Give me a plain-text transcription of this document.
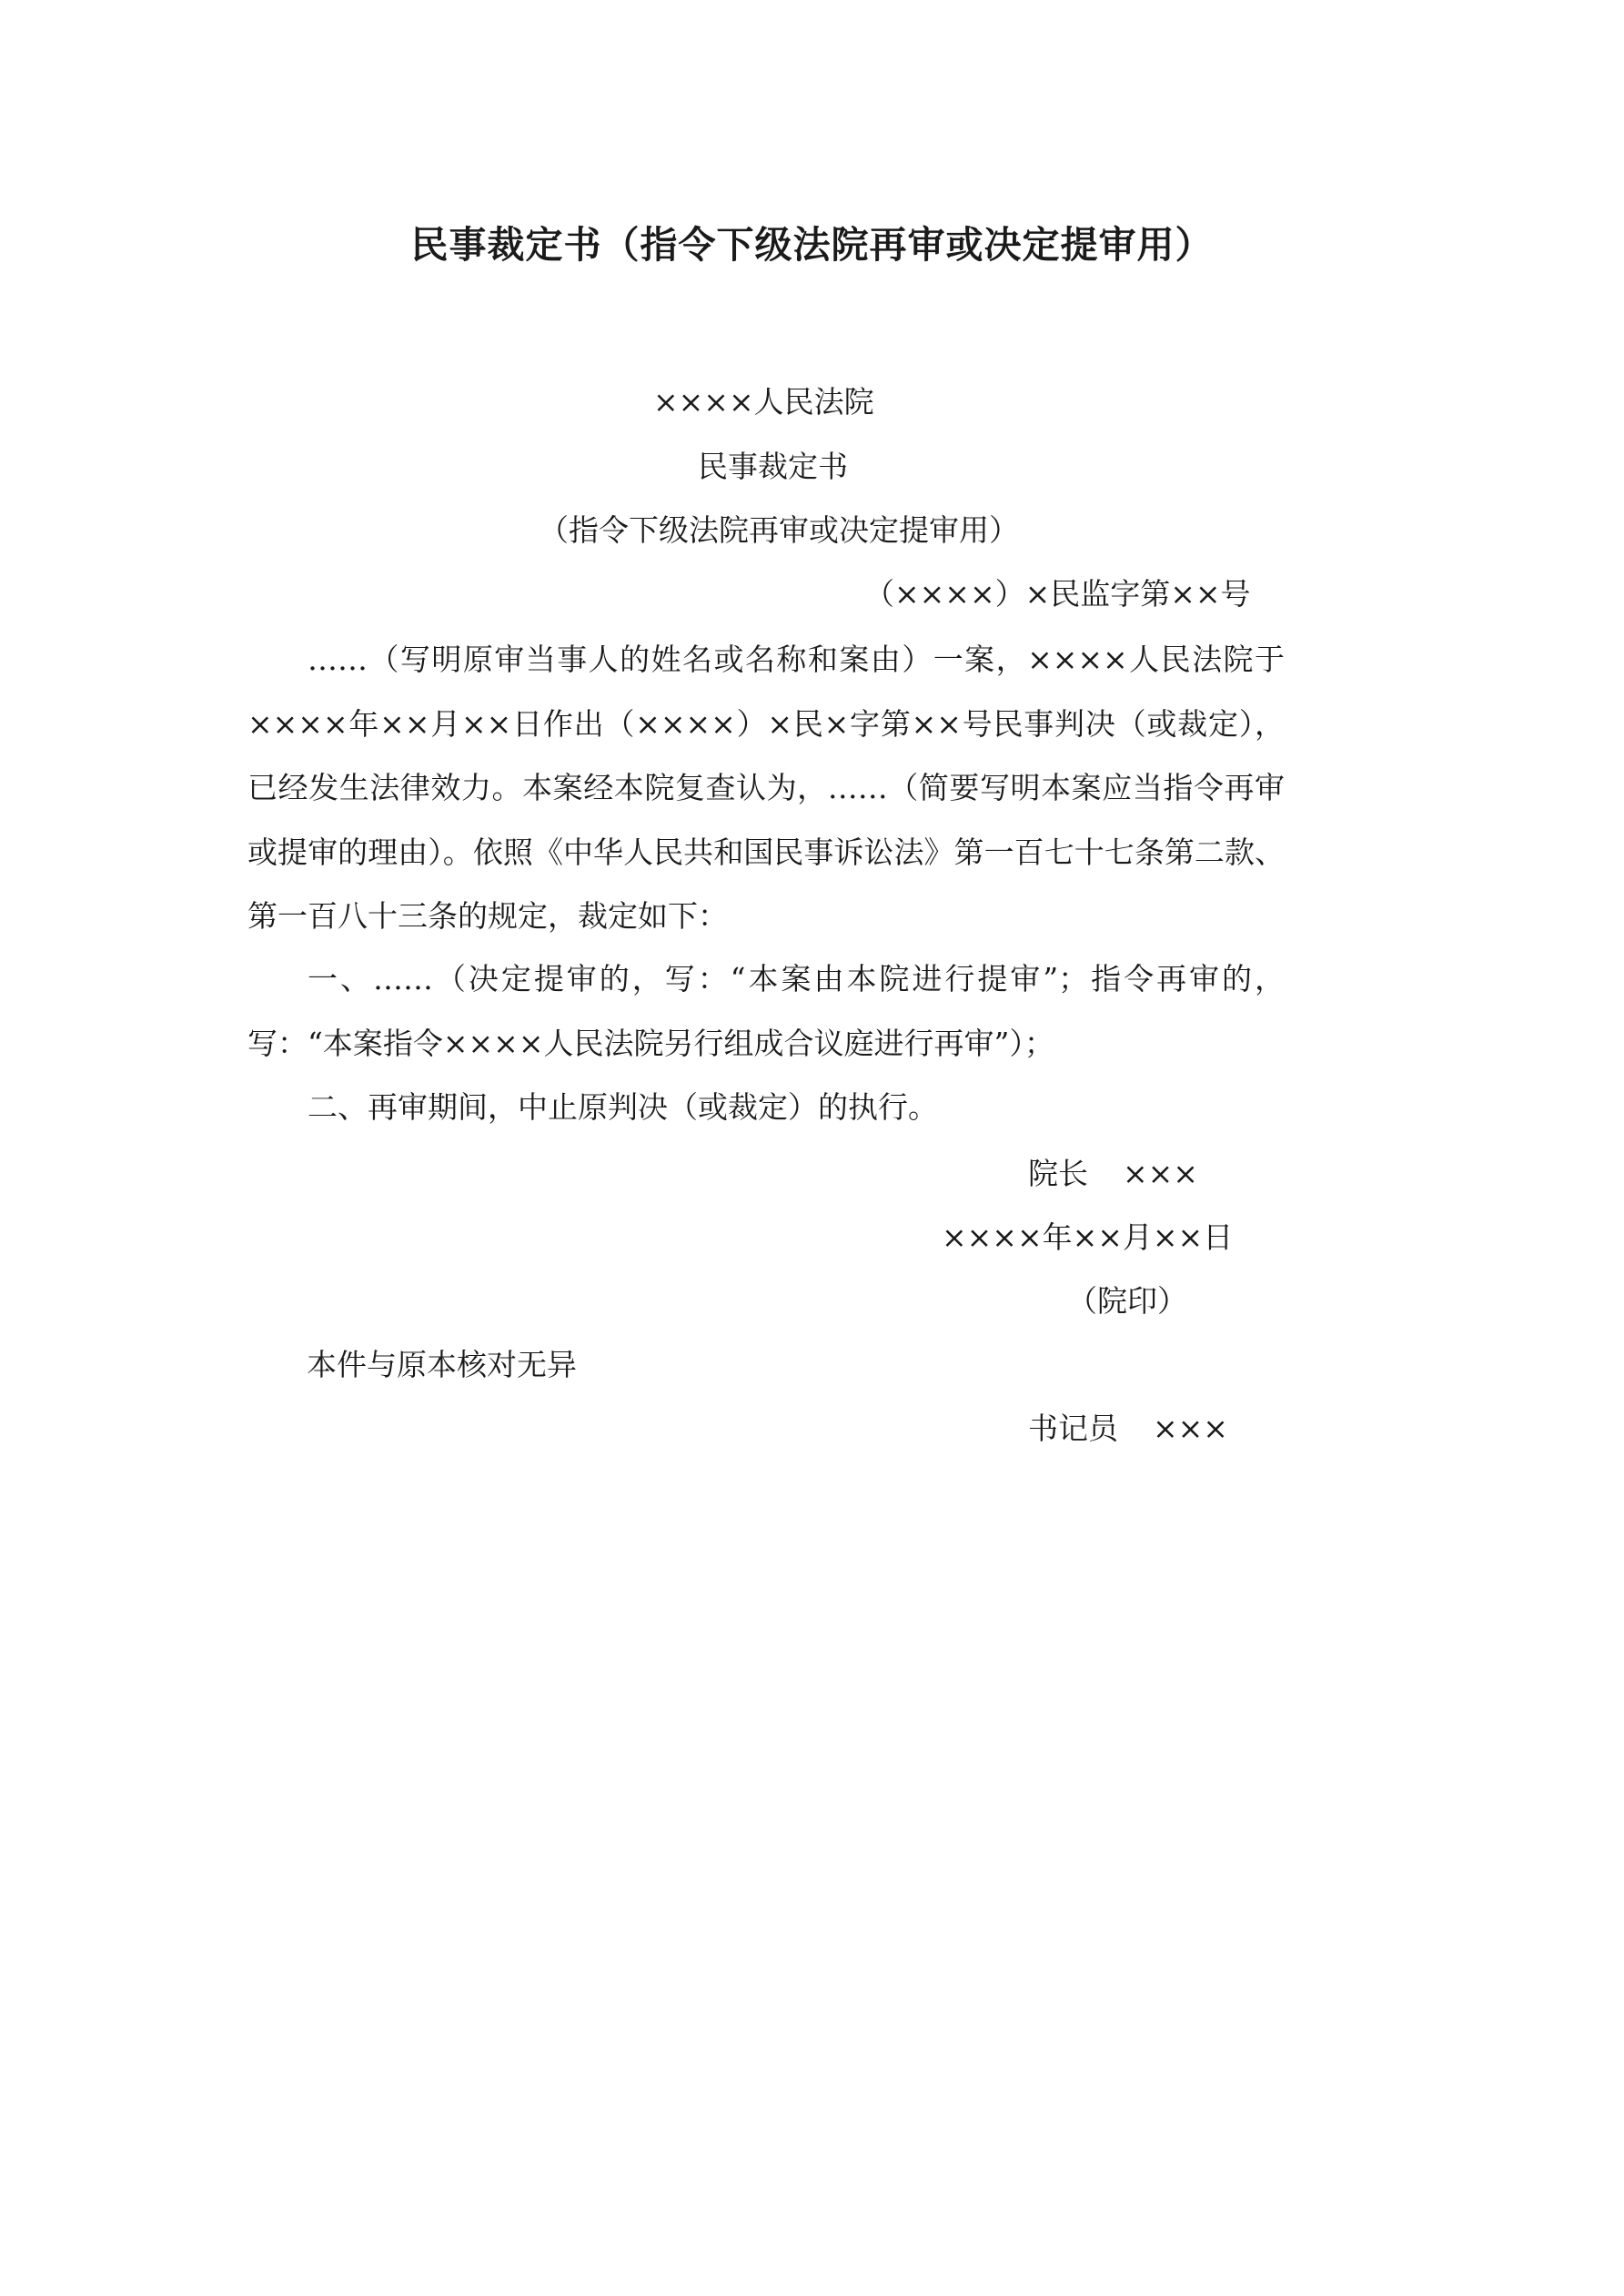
民事裁定书（指令下级法院再审或决定提审用）

××××人民法院

民事裁定书

（指令下级法院再审或决定提审用）

（××××）×民监字第××号

……（写明原审当事人的姓名或名称和案由）一案，××××人民法院于××××年××月××日作出（××××）×民×字第××号民事判决（或裁定），已经发生法律效力。本案经本院复查认为，……（简要写明本案应当指令再审或提审的理由）。依照《中华人民共和国民事诉讼法》第一百七十七条第二款、第一百八十三条的规定，裁定如下：

一、……（决定提审的，写：“本案由本院进行提审”；指令再审的，写：“本案指令××××人民法院另行组成合议庭进行再审”）；

二、再审期间，中止原判决（或裁定）的执行。

院长 ×××

××××年××月××日

（院印）

本件与原本核对无异

书记员 ×××
